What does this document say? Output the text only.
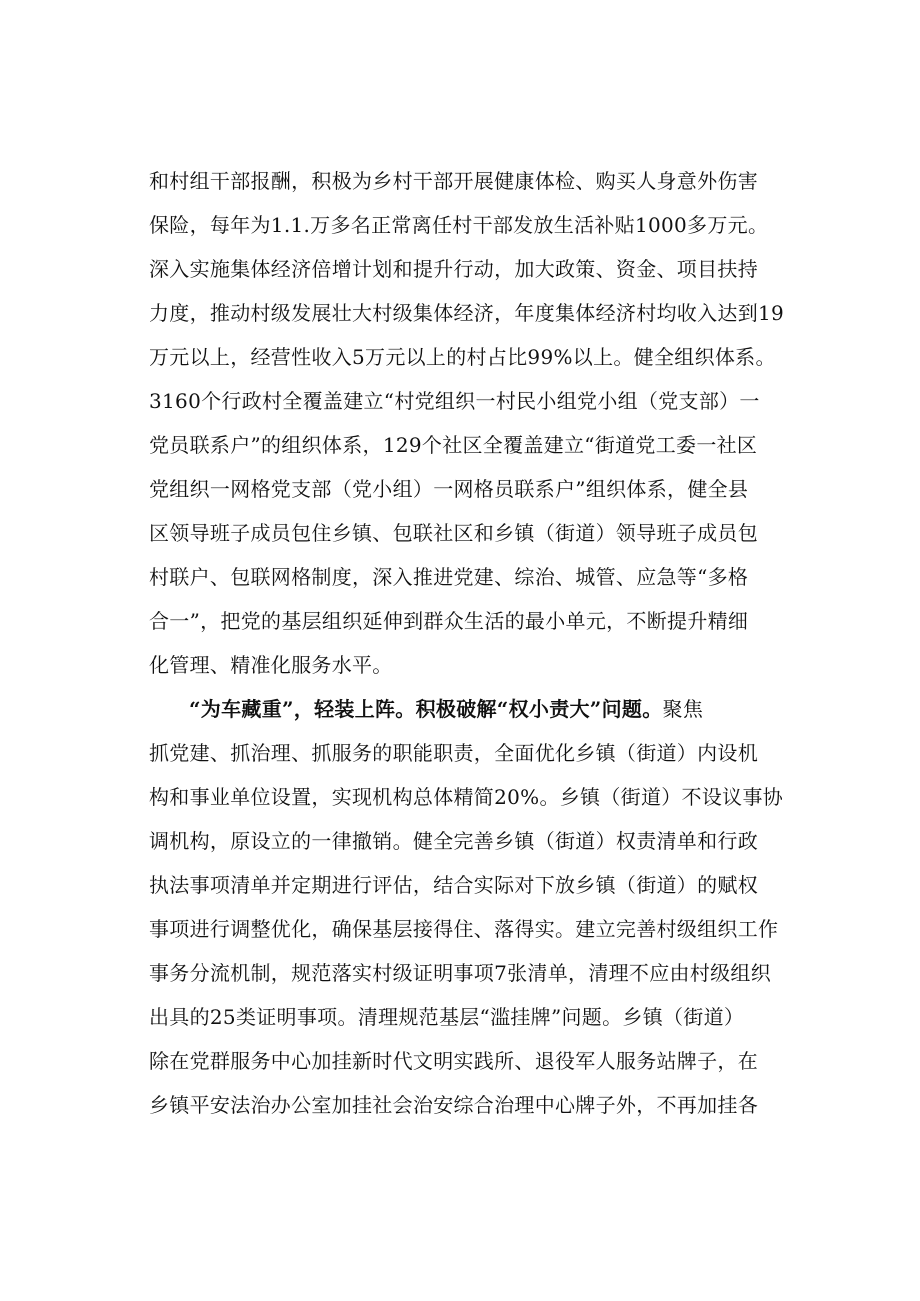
和村组干部报酬，积极为乡村干部开展健康体检、购买人身意外伤害
保险，每年为1.1.万多名正常离任村干部发放生活补贴1000多万元。
深入实施集体经济倍增计划和提升行动，加大政策、资金、项目扶持
力度，推动村级发展壮大村级集体经济，年度集体经济村均收入达到19
万元以上，经营性收入5万元以上的村占比99%以上。健全组织体系。
3160个行政村全覆盖建立“村党组织一村民小组党小组（党支部）一
党员联系户”的组织体系，129个社区全覆盖建立“街道党工委一社区
党组织一网格党支部（党小组）一网格员联系户”组织体系，健全县
区领导班子成员包住乡镇、包联社区和乡镇（街道）领导班子成员包
村联户、包联网格制度，深入推进党建、综治、城管、应急等“多格
合一”，把党的基层组织延伸到群众生活的最小单元，不断提升精细
化管理、精准化服务水平。
“为车藏重”，轻装上阵。积极破解“权小责大”问题。聚焦
抓党建、抓治理、抓服务的职能职责，全面优化乡镇（街道）内设机
构和事业单位设置，实现机构总体精简20%。乡镇（街道）不设议事协
调机构，原设立的一律撤销。健全完善乡镇（街道）权责清单和行政
执法事项清单并定期进行评估，结合实际对下放乡镇（街道）的赋权
事项进行调整优化，确保基层接得住、落得实。建立完善村级组织工作
事务分流机制，规范落实村级证明事项7张清单，清理不应由村级组织
出具的25类证明事项。清理规范基层“滥挂牌”问题。乡镇（街道）
除在党群服务中心加挂新时代文明实践所、退役军人服务站牌子，在
乡镇平安法治办公室加挂社会治安综合治理中心牌子外，不再加挂各
